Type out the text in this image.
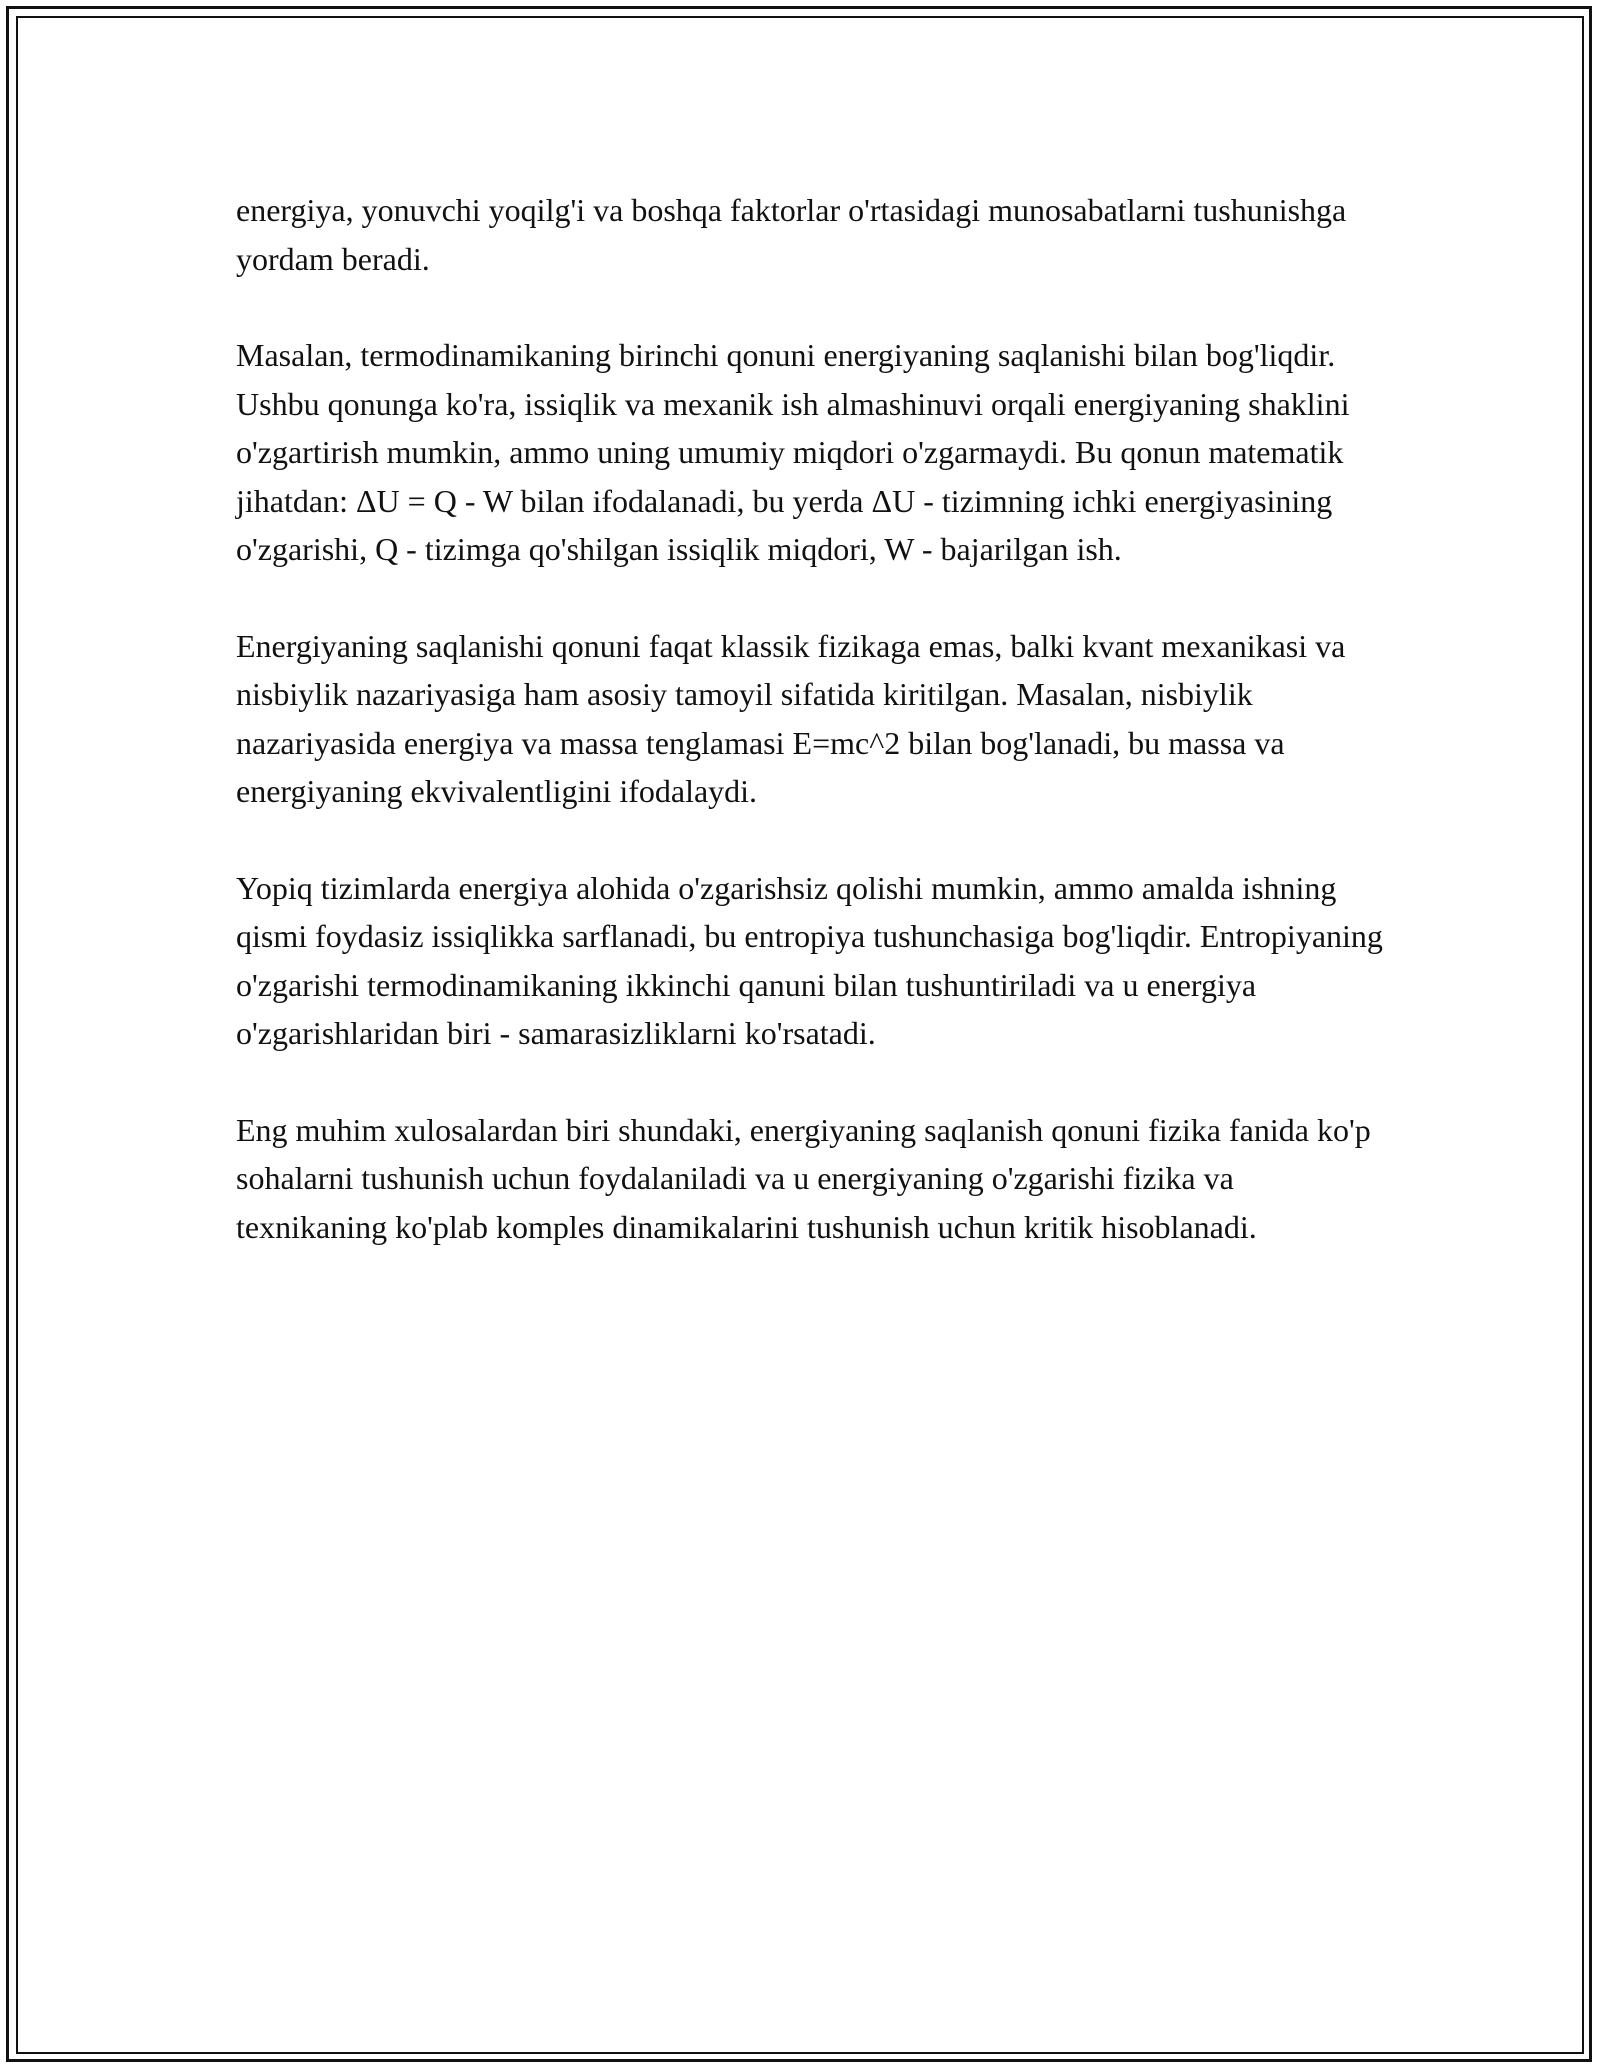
energiya, yonuvchi yoqilg'i va boshqa faktorlar o'rtasidagi munosabatlarni tushunishga yordam beradi.

Masalan, termodinamikaning birinchi qonuni energiyaning saqlanishi bilan bog'liqdir. Ushbu qonunga ko'ra, issiqlik va mexanik ish almashinuvi orqali energiyaning shaklini o'zgartirish mumkin, ammo uning umumiy miqdori o'zgarmaydi. Bu qonun matematik jihatdan: ΔU = Q - W bilan ifodalanadi, bu yerda ΔU - tizimning ichki energiyasining o'zgarishi, Q - tizimga qo'shilgan issiqlik miqdori, W - bajarilgan ish.

Energiyaning saqlanishi qonuni faqat klassik fizikaga emas, balki kvant mexanikasi va nisbiylik nazariyasiga ham asosiy tamoyil sifatida kiritilgan. Masalan, nisbiylik nazariyasida energiya va massa tenglamasi E=mc^2 bilan bog'lanadi, bu massa va energiyaning ekvivalentligini ifodalaydi.

Yopiq tizimlarda energiya alohida o'zgarishsiz qolishi mumkin, ammo amalda ishning qismi foydasiz issiqlikka sarflanadi, bu entropiya tushunchasiga bog'liqdir. Entropiyaning o'zgarishi termodinamikaning ikkinchi qanuni bilan tushuntiriladi va u energiya o'zgarishlaridan biri - samarasizliklarni ko'rsatadi.

Eng muhim xulosalardan biri shundaki, energiyaning saqlanish qonuni fizika fanida ko'p sohalarni tushunish uchun foydalaniladi va u energiyaning o'zgarishi fizika va texnikaning ko'plab komples dinamikalarini tushunish uchun kritik hisoblanadi.
